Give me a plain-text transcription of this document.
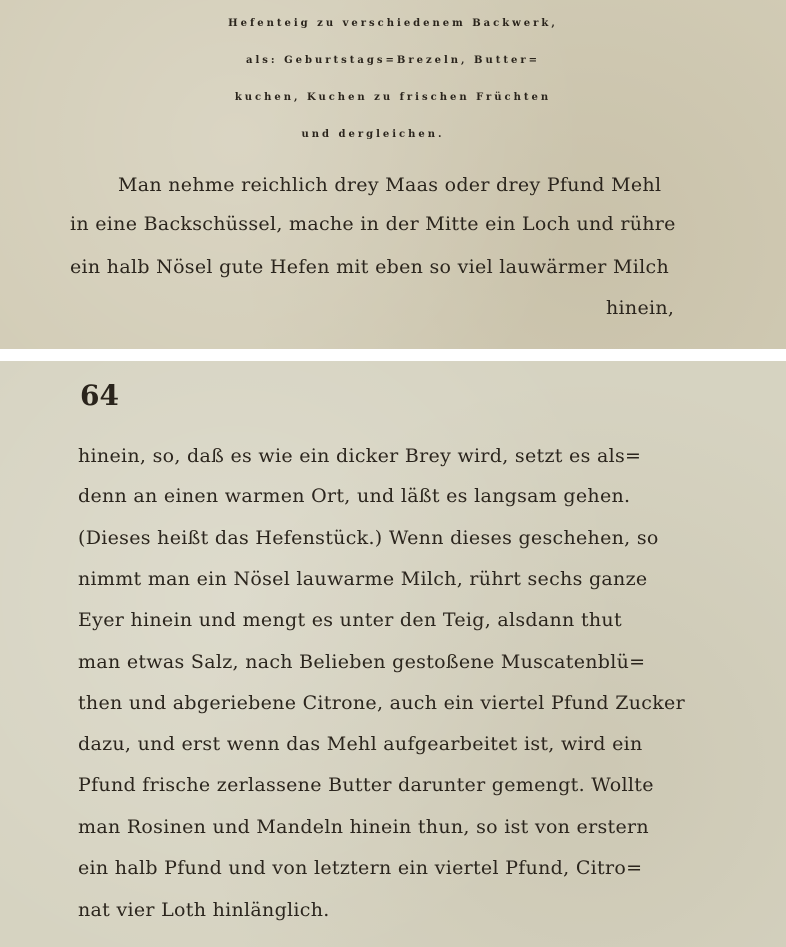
Hefenteig zu verschiedenem Backwerk,
als: Geburtstags=Brezeln, Butter=
kuchen, Kuchen zu frischen Früchten
und dergleichen.
Man nehme reichlich drey Maas oder drey Pfund Mehl
in eine Backschüssel, mache in der Mitte ein Loch und rühre
ein halb Nösel gute Hefen mit eben so viel lauwärmer Milch
hinein,
64
hinein, so, daß es wie ein dicker Brey wird, setzt es als=
denn an einen warmen Ort, und läßt es langsam gehen.
(Dieses heißt das Hefenstück.) Wenn dieses geschehen, so
nimmt man ein Nösel lauwarme Milch, rührt sechs ganze
Eyer hinein und mengt es unter den Teig, alsdann thut
man etwas Salz, nach Belieben gestoßene Muscatenblü=
then und abgeriebene Citrone, auch ein viertel Pfund Zucker
dazu, und erst wenn das Mehl aufgearbeitet ist, wird ein
Pfund frische zerlassene Butter darunter gemengt. Wollte
man Rosinen und Mandeln hinein thun, so ist von erstern
ein halb Pfund und von letztern ein viertel Pfund, Citro=
nat vier Loth hinlänglich.
